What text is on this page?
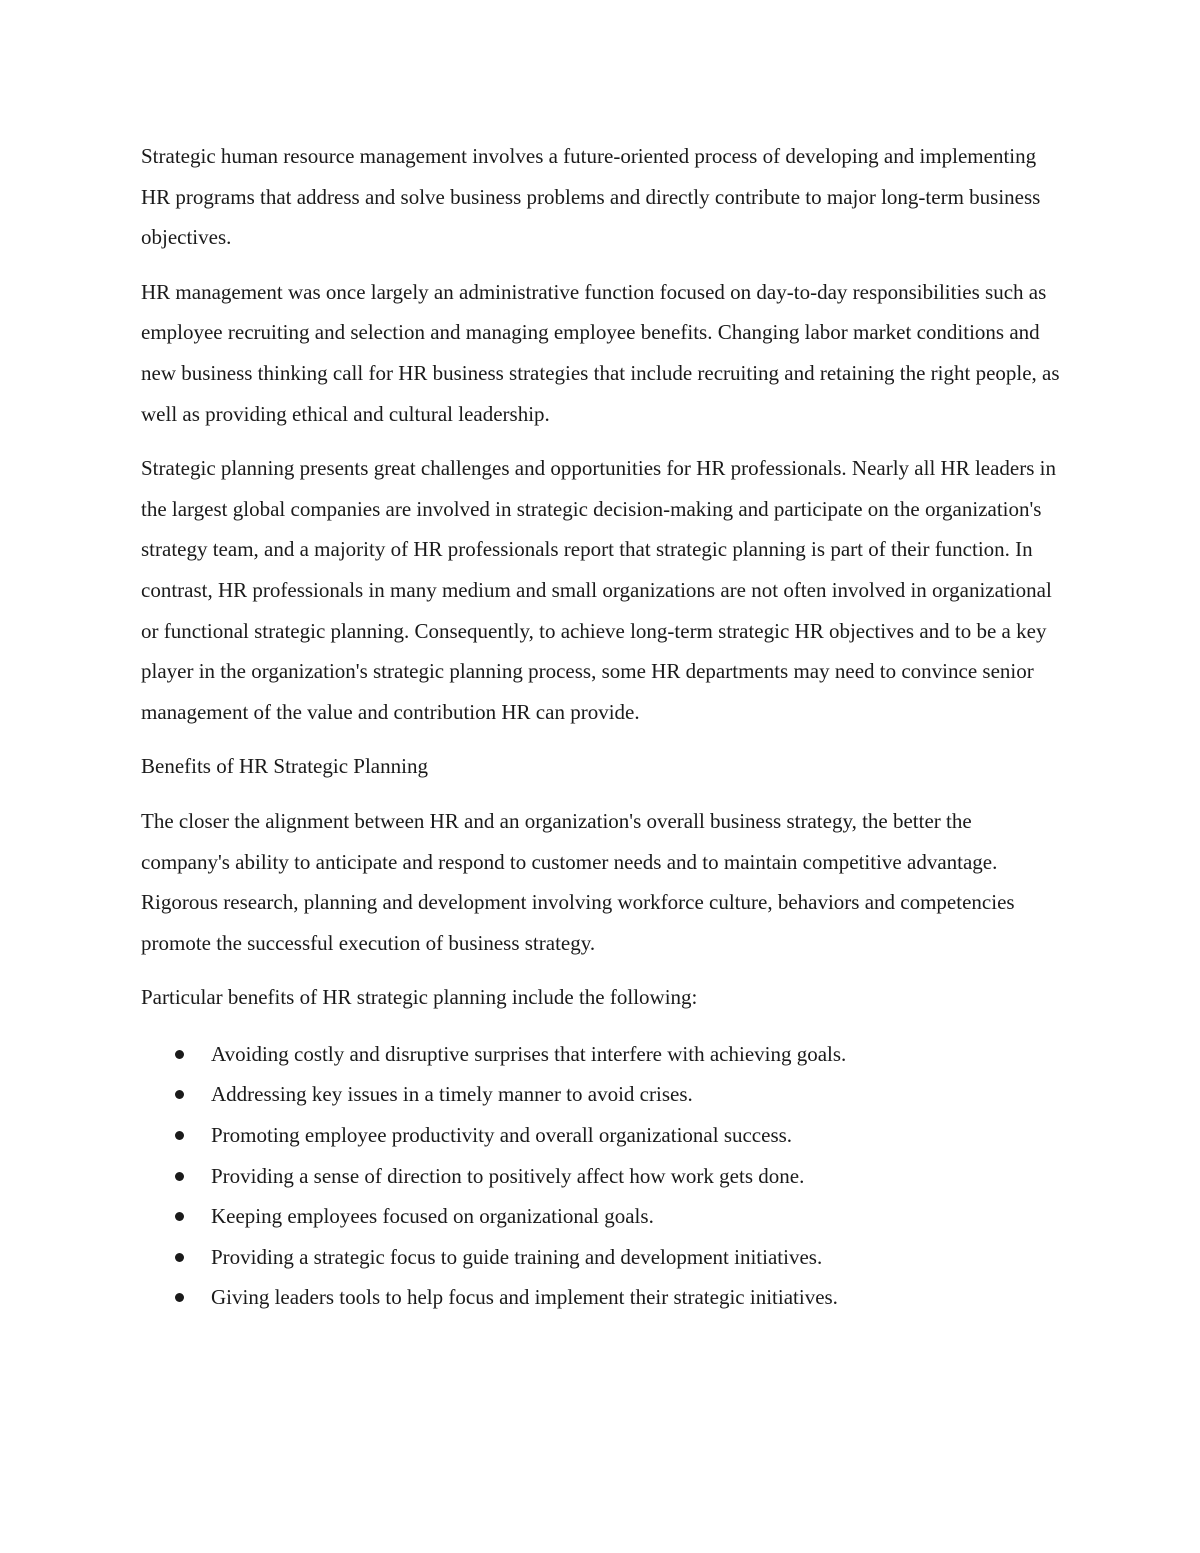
Strategic human resource management involves a future-oriented process of developing and implementing HR programs that address and solve business problems and directly contribute to major long-term business objectives.

HR management was once largely an administrative function focused on day-to-day responsibilities such as employee recruiting and selection and managing employee benefits. Changing labor market conditions and new business thinking call for HR business strategies that include recruiting and retaining the right people, as well as providing ethical and cultural leadership.

Strategic planning presents great challenges and opportunities for HR professionals. Nearly all HR leaders in the largest global companies are involved in strategic decision-making and participate on the organization's strategy team, and a majority of HR professionals report that strategic planning is part of their function. In contrast, HR professionals in many medium and small organizations are not often involved in organizational or functional strategic planning. Consequently, to achieve long-term strategic HR objectives and to be a key player in the organization's strategic planning process, some HR departments may need to convince senior management of the value and contribution HR can provide.

Benefits of HR Strategic Planning

The closer the alignment between HR and an organization's overall business strategy, the better the company's ability to anticipate and respond to customer needs and to maintain competitive advantage. Rigorous research, planning and development involving workforce culture, behaviors and competencies promote the successful execution of business strategy.

Particular benefits of HR strategic planning include the following:

Avoiding costly and disruptive surprises that interfere with achieving goals.
Addressing key issues in a timely manner to avoid crises.
Promoting employee productivity and overall organizational success.
Providing a sense of direction to positively affect how work gets done.
Keeping employees focused on organizational goals.
Providing a strategic focus to guide training and development initiatives.
Giving leaders tools to help focus and implement their strategic initiatives.
